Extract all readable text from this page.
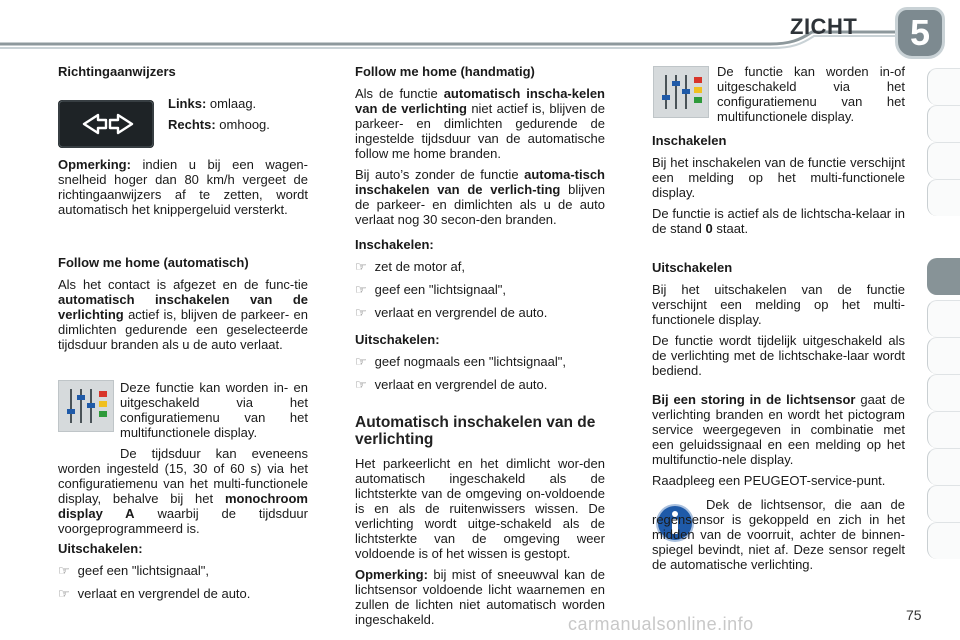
ZICHT	5
Richtingaanwijzers

Links: omlaag.

Rechts: omhoog.

Opmerking: indien u bij een wagen-snelheid hoger dan 80 km/h vergeet de richtingaanwijzers af te zetten, wordt automatisch het knippergeluid versterkt.

Follow me home (automatisch)

Als het contact is afgezet en de func-tie automatisch inschakelen van de verlichting actief is, blijven de parkeer- en dimlichten gedurende een geselecteerde tijdsduur branden als u de auto verlaat.

Deze functie kan worden in- en uitgeschakeld via het configuratiemenu van het multifunctionele display.

De tijdsduur kan eveneens worden ingesteld (15, 30 of 60 s) via het configuratiemenu van het multi-functionele display, behalve bij het monochroom display A waarbij de tijdsduur voorgeprogrammeerd is.

Uitschakelen:
☞ geef een "lichtsignaal",
☞ verlaat en vergrendel de auto.
Follow me home (handmatig)

Als de functie automatisch inscha-kelen van de verlichting niet actief is, blijven de parkeer- en dimlichten gedurende de ingestelde tijdsduur van de automatische follow me home branden.

Bij auto’s zonder de functie automa-tisch inschakelen van de verlich-ting blijven de parkeer- en dimlichten als u de auto verlaat nog 30 secon-den branden.

Inschakelen:
☞ zet de motor af,
☞ geef een "lichtsignaal",
☞ verlaat en vergrendel de auto.
Uitschakelen:
☞ geef nogmaals een "lichtsignaal",
☞ verlaat en vergrendel de auto.
Automatisch inschakelen van de verlichting

Het parkeerlicht en het dimlicht wor-den automatisch ingeschakeld als de lichtsterkte van de omgeving on-voldoende is en als de ruitenwissers wissen. De verlichting wordt uitge-schakeld als de lichtsterkte van de omgeving weer voldoende is of het wissen is gestopt.

Opmerking: bij mist of sneeuwval kan de lichtsensor voldoende licht waarnemen en zullen de lichten niet automatisch worden ingeschakeld.

De functie kan worden in-of uitgeschakeld via het configuratiemenu van het multifunctionele display.

Inschakelen

Bij het inschakelen van de functie verschijnt een melding op het multi-functionele display.

De functie is actief als de lichtscha-kelaar in de stand 0 staat.

Uitschakelen

Bij het uitschakelen van de functie verschijnt een melding op het multi-functionele display.

De functie wordt tijdelijk uitgeschakeld als de verlichting met de lichtschake-laar wordt bediend.

Bij een storing in de lichtsensor gaat de verlichting branden en wordt het pictogram service weergegeven in combinatie met een geluidssignaal en een melding op het multifunctio-nele display.

Raadpleeg een PEUGEOT-service-punt.

Dek de lichtsensor, die aan de regensensor is gekoppeld en zich in het midden van de voorruit, achter de binnen-spiegel bevindt, niet af. Deze sensor regelt de automatische verlichting.

carmanualsonline.info	75
